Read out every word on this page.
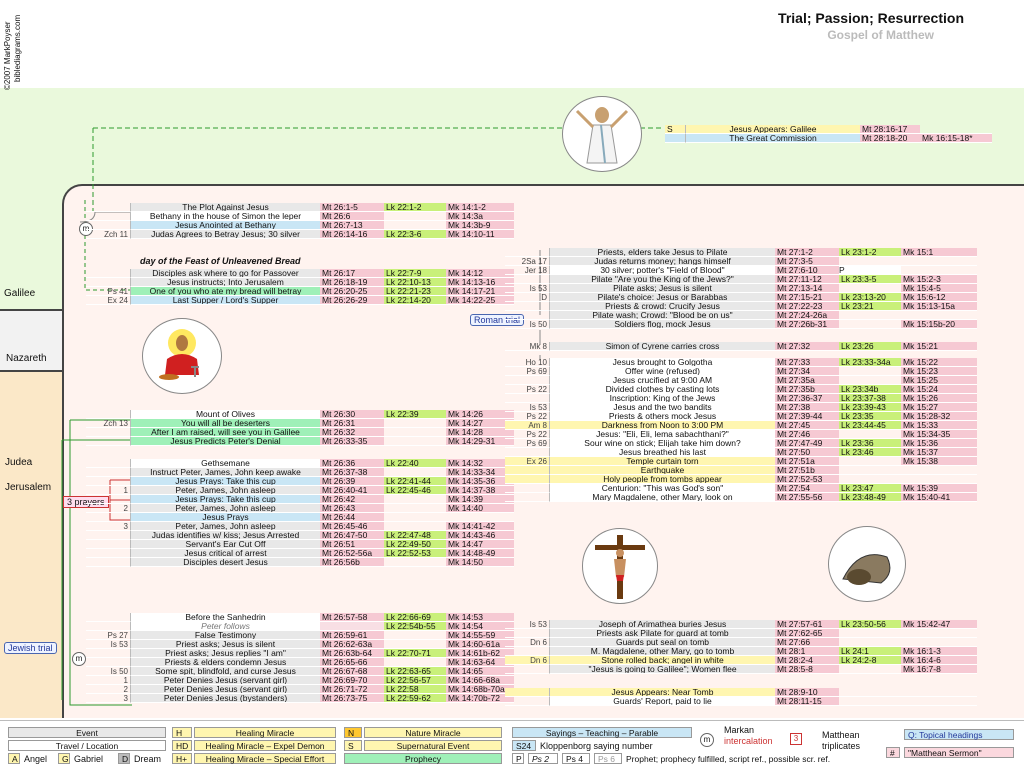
Galilee
Nazareth
Judea
Jerusalem
©2007 MarkPoyser biblediagrams.com	Trial; Passion; Resurrection
Gospel of Matthew
S	Jesus Appears: Galilee	Mt 28:16-17
The Great Commission	Mt 28:18-20	Mk 16:15-18*
m
m
day of the Feast of Unleavened Bread
Roman trial
Jewish trial
3 prayers
The Plot Against Jesus	Mt 26:1-5	Lk 22:1-2	Mk 14:1-2
Bethany in the house of Simon the leper	Mt 26:6	Mk 14:3a
Jesus Anointed at Bethany	Mt 26:7-13	Mk 14:3b-9
Zch 11	Judas Agrees to Betray Jesus; 30 silver	Mt 26:14-16	Lk 22:3-6	Mk 14:10-11
Disciples ask where to go for Passover	Mt 26:17	Lk 22:7-9	Mk 14:12
Jesus instructs; Into Jerusalem	Mt 26:18-19	Lk 22:10-13	Mk 14:13-16
Ps 41	One of you who ate my bread will betray	Mt 26:20-25	Lk 22:21-23	Mk 14:17-21
Ex 24	Last Supper / Lord's Supper	Mt 26:26-29	Lk 22:14-20	Mk 14:22-25
Mount of Olives	Mt 26:30	Lk 22:39	Mk 14:26
Zch 13	You will all be deserters	Mt 26:31	Mk 14:27
After I am raised, will see you in Galilee	Mt 26:32	Mk 14:28
Jesus Predicts Peter's Denial	Mt 26:33-35	Mk 14:29-31
Gethsemane	Mt 26:36	Lk 22:40	Mk 14:32
Instruct Peter, James, John keep awake	Mt 26:37-38	Mk 14:33-34
Jesus Prays: Take this cup	Mt 26:39	Lk 22:41-44	Mk 14:35-36
1	Peter, James, John asleep	Mt 26:40-41	Lk 22:45-46	Mk 14:37-38
Jesus Prays: Take this cup	Mt 26:42	Mk 14:39
2	Peter, James, John asleep	Mt 26:43	Mk 14:40
Jesus Prays	Mt 26:44
3	Peter, James, John asleep	Mt 26:45-46	Mk 14:41-42
Judas identifies w/ kiss; Jesus Arrested	Mt 26:47-50	Lk 22:47-48	Mk 14:43-46
Servant's Ear Cut Off	Mt 26:51	Lk 22:49-50	Mk 14:47
Jesus critical of arrest	Mt 26:52-56a	Lk 22:52-53	Mk 14:48-49
Disciples desert Jesus	Mt 26:56b	Mk 14:50
Before the Sanhedrin	Mt 26:57-58	Lk 22:66-69	Mk 14:53
Peter follows	Lk 22:54b-55	Mk 14:54
Ps 27	False Testimony	Mt 26:59-61	Mk 14:55-59
Is 53	Priest asks; Jesus is silent	Mt 26:62-63a	Mk 14:60-61a
Priest asks; Jesus replies "I am"	Mt 26:63b-64	Lk 22:70-71	Mk 14:61b-62
Priests & elders condemn Jesus	Mt 26:65-66	Mk 14:63-64
Is 50	Some spit, blindfold, and curse Jesus	Mt 26:67-68	Lk 22:63-65	Mk 14:65
1	Peter Denies Jesus (servant girl)	Mt 26:69-70	Lk 22:56-57	Mk 14:66-68a
2	Peter Denies Jesus (servant girl)	Mt 26:71-72	Lk 22:58	Mk 14:68b-70a
3	Peter Denies Jesus (bystanders)	Mt 26:73-75	Lk 22:59-62	Mk 14:70b-72
Priests, elders take Jesus to Pilate	Mt 27:1-2	Lk 23:1-2	Mk 15:1
2Sa 17	Judas returns money; hangs himself	Mt 27:3-5
Jer 18	30 silver; potter's "Field of Blood"	Mt 27:6-10	P
Pilate "Are you the King of the Jews?"	Mt 27:11-12	Lk 23:3-5	Mk 15:2-3
Is 53	Pilate asks; Jesus is silent	Mt 27:13-14	Mk 15:4-5
D	Pilate's choice: Jesus or Barabbas	Mt 27:15-21	Lk 23:13-20	Mk 15:6-12
Priests & crowd: Crucify Jesus	Mt 27:22-23	Lk 23:21	Mk 15:13-15a
Pilate wash; Crowd: "Blood be on us"	Mt 27:24-26a
Is 50	Soldiers flog, mock Jesus	Mt 27:26b-31	Mk 15:15b-20
Mk 8	Simon of Cyrene carries cross	Mt 27:32	Lk 23:26	Mk 15:21
Ho 10	Jesus brought to Golgotha	Mt 27:33	Lk 23:33-34a	Mk 15:22
Ps 69	Offer wine (refused)	Mt 27:34	Mk 15:23
Jesus crucified at 9:00 AM	Mt 27:35a	Mk 15:25
Ps 22	Divided clothes by casting lots	Mt 27:35b	Lk 23:34b	Mk 15:24
Inscription: King of the Jews	Mt 27:36-37	Lk 23:37-38	Mk 15:26
Is 53	Jesus and the two bandits	Mt 27:38	Lk 23:39-43	Mk 15:27
Ps 22	Priests & others mock Jesus	Mt 27:39-44	Lk 23:35	Mk 15:28-32
Am 8	Darkness from Noon to 3:00 PM	Mt 27:45	Lk 23:44-45	Mk 15:33
Ps 22	Jesus: "Eli, Eli, lema sabachthani?"	Mt 27:46	Mk 15:34-35
Ps 69	Sour wine on stick; Elijah take him down?	Mt 27:47-49	Lk 23:36	Mk 15:36
Jesus breathed his last	Mt 27:50	Lk 23:46	Mk 15:37
Ex 26	Temple curtain torn	Mt 27:51a	Mk 15:38
Earthquake	Mt 27:51b
Holy people from tombs appear	Mt 27:52-53
Centurion: "This was God's son"	Mt 27:54	Lk 23:47	Mk 15:39
Mary Magdalene, other Mary, look on	Mt 27:55-56	Lk 23:48-49	Mk 15:40-41
Is 53	Joseph of Arimathea buries Jesus	Mt 27:57-61	Lk 23:50-56	Mk 15:42-47
Priests ask Pilate for guard at tomb	Mt 27:62-65
Dn 6	Guards put seal on tomb	Mt 27:66
M. Magdalene, other Mary, go to tomb	Mt 28:1	Lk 24:1	Mk 16:1-3
Dn 6	Stone rolled back; angel in white	Mt 28:2-4	Lk 24:2-8	Mk 16:4-6
"Jesus is going to Galilee"; Women flee	Mt 28:5-8	Mk 16:7-8
Jesus Appears: Near Tomb	Mt 28:9-10
Guards' Report, paid to lie	Mt 28:11-15
Event
Travel / Location
A Angel	G Gabriel	D Dream
H	Healing Miracle
HD	Healing Miracle – Expel Demon
H+	Healing Miracle – Special Effort
N	Nature Miracle
S	Supernatural Event
Prophecy
Sayings – Teaching – Parable
S24 Kloppenborg saying number
P	Ps 2	Ps 4	Ps 6	Prophet; prophecy fulfilled, script ref., possible scr. ref.
m
Markan
intercalation	3	Matthean
triplicates
Q: Topical headings
#	"Matthean Sermon"
